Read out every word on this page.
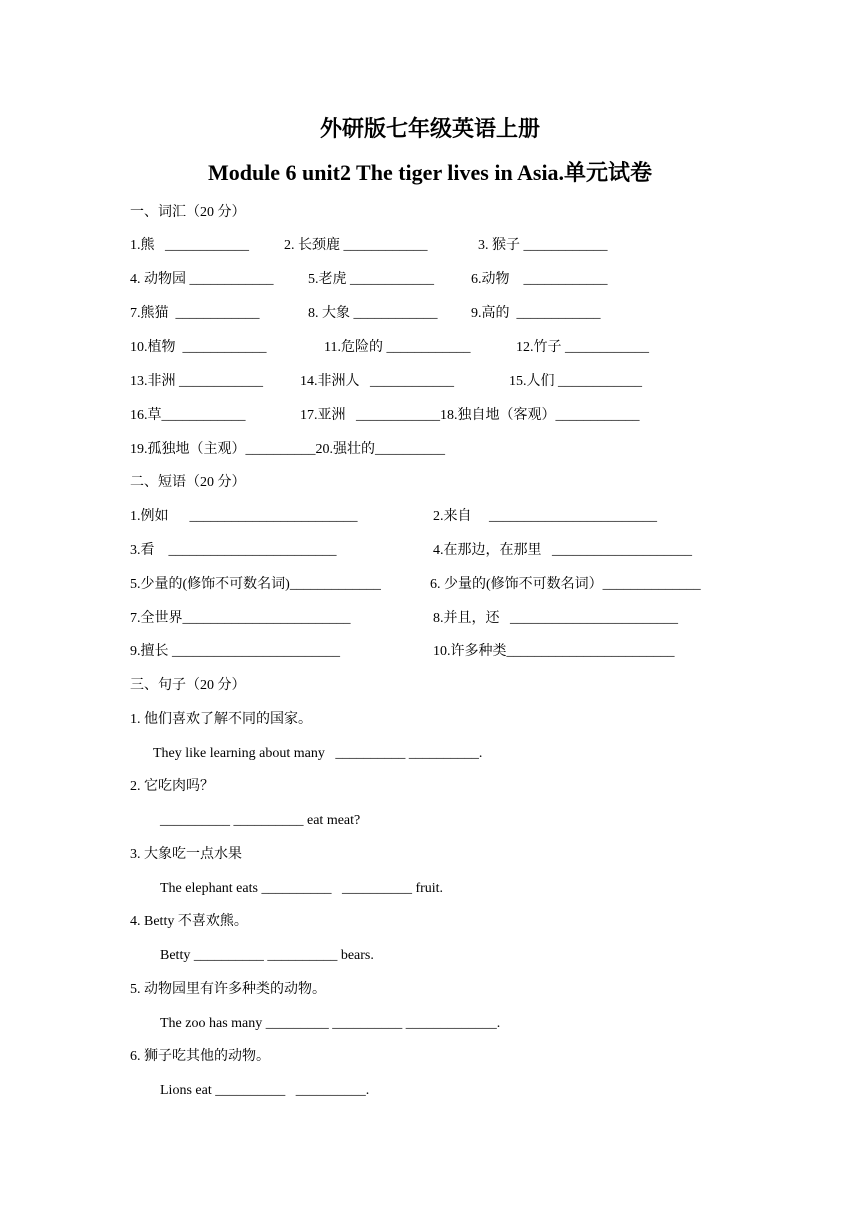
外研版七年级英语上册
Module 6 unit2 The tiger lives in Asia.单元试卷
一、词汇（20 分）
1.熊   ____________	2. 长颈鹿 ____________	3. 猴子 ____________
4. 动物园 ____________ 5.老虎 ____________	6.动物    ____________
7.熊猫  ____________	8. 大象 ____________ 9.高的  ____________
10.植物  ____________	11.危险的 ____________	12.竹子 ____________
13.非洲 ____________	14.非洲人   ____________	15.人们 ____________
16.草____________	17.亚洲   ____________18.独自地（客观）____________
19.孤独地（主观）__________20.强壮的__________
二、短语（20 分）
1.例如      ________________________	2.来自     ________________________
3.看    ________________________	4.在那边，在那里   ____________________
5.少量的(修饰不可数名词)_____________	6. 少量的(修饰不可数名词）______________
7.全世界________________________	8.并且，还   ________________________
9.擅长 ________________________	10.许多种类________________________
三、句子（20 分）
1. 他们喜欢了解不同的国家。
They like learning about many   __________ __________.
2. 它吃肉吗？
__________ __________ eat meat?
3. 大象吃一点水果
The elephant eats __________   __________ fruit.
4. Betty 不喜欢熊。
Betty __________ __________ bears.
5. 动物园里有许多种类的动物。
The zoo has many _________ __________ _____________.
6. 狮子吃其他的动物。
Lions eat __________   __________.
